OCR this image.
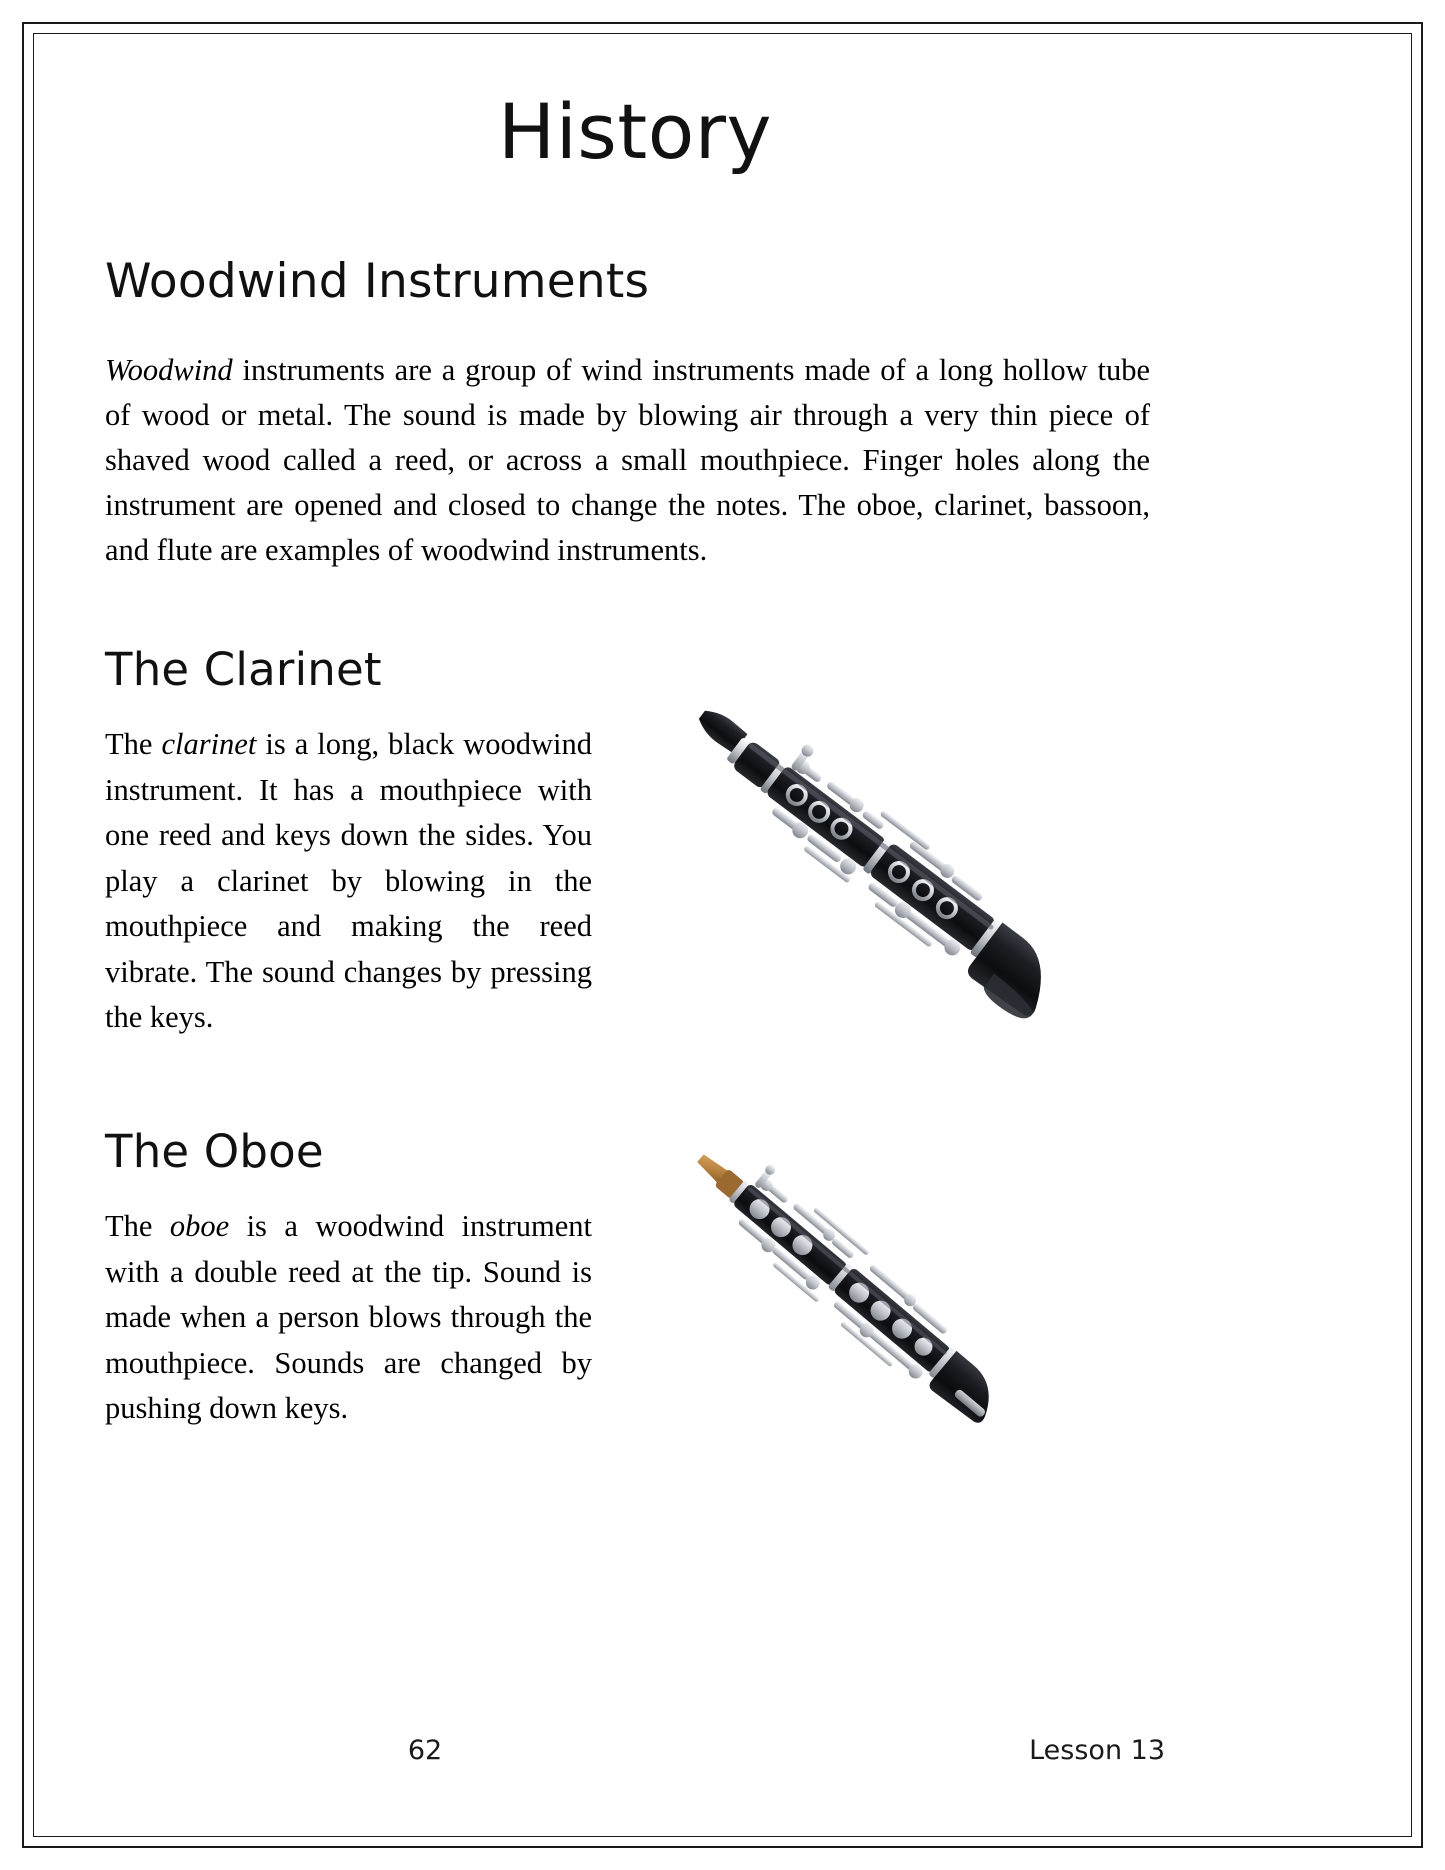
History
Woodwind Instruments

Woodwind instruments are a group of wind instruments made of a long hollow tube of wood or metal. The sound is made by blowing air through a very thin piece of shaved wood called a reed, or across a small mouthpiece. Finger holes along the instrument are opened and closed to change the notes. The oboe, clarinet, bassoon, and flute are examples of woodwind instruments.

The Clarinet

The clarinet is a long, black woodwind instrument. It has a mouthpiece with one reed and keys down the sides. You play a clarinet by blowing in the mouthpiece and making the reed vibrate. The sound changes by pressing the keys.

The Oboe

The oboe is a woodwind instrument with a double reed at the tip. Sound is made when a person blows through the mouthpiece. Sounds are changed by pushing down keys.

62	Lesson 13
